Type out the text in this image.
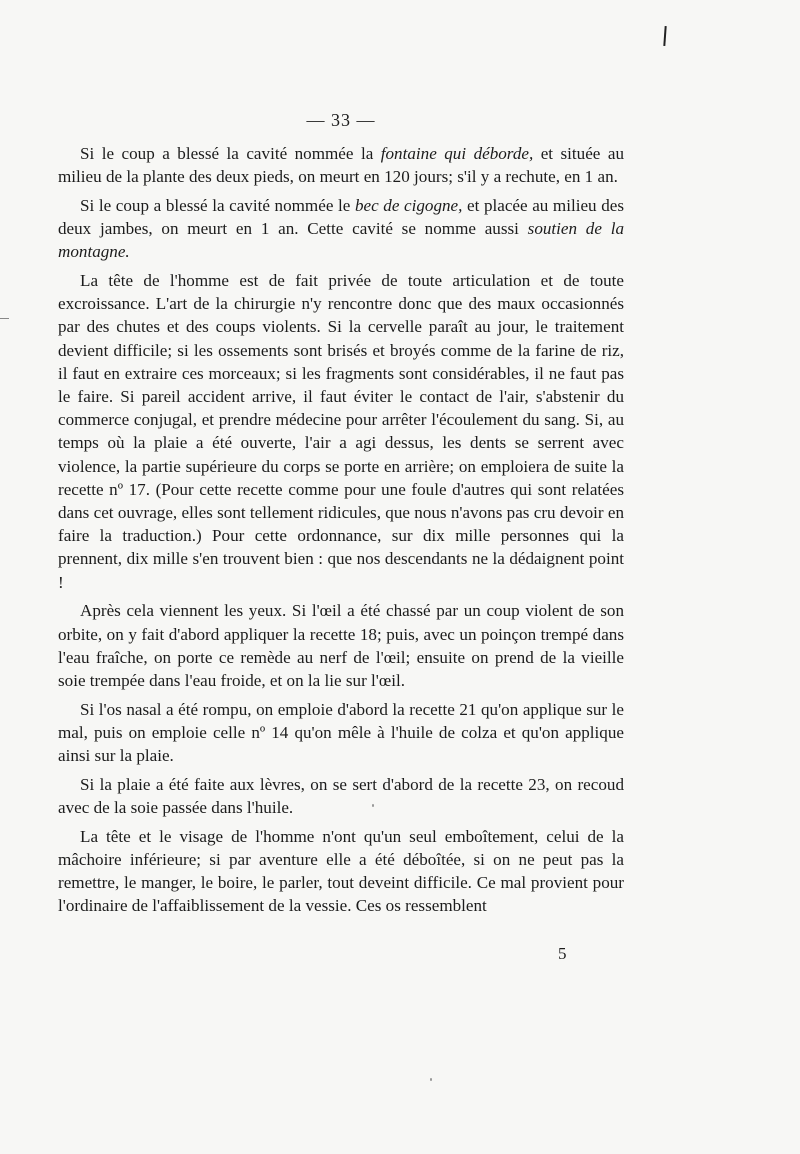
— 33 —

Si le coup a blessé la cavité nommée la fontaine qui déborde, et située au milieu de la plante des deux pieds, on meurt en 120 jours; s'il y a rechute, en 1 an.

Si le coup a blessé la cavité nommée le bec de cigogne, et placée au milieu des deux jambes, on meurt en 1 an. Cette cavité se nomme aussi soutien de la montagne.

La tête de l'homme est de fait privée de toute articulation et de toute excroissance. L'art de la chirurgie n'y rencontre donc que des maux occasionnés par des chutes et des coups violents. Si la cervelle paraît au jour, le traitement devient difficile; si les ossements sont brisés et broyés comme de la farine de riz, il faut en extraire ces morceaux; si les fragments sont considérables, il ne faut pas le faire. Si pareil accident arrive, il faut éviter le contact de l'air, s'abstenir du commerce conjugal, et prendre médecine pour arrêter l'écoulement du sang. Si, au temps où la plaie a été ouverte, l'air a agi dessus, les dents se serrent avec violence, la partie supérieure du corps se porte en arrière; on emploiera de suite la recette nº 17. (Pour cette recette comme pour une foule d'autres qui sont relatées dans cet ouvrage, elles sont tellement ridicules, que nous n'avons pas cru devoir en faire la traduction.) Pour cette ordonnance, sur dix mille personnes qui la prennent, dix mille s'en trouvent bien : que nos descendants ne la dédaignent point !

Après cela viennent les yeux. Si l'œil a été chassé par un coup violent de son orbite, on y fait d'abord appliquer la recette 18; puis, avec un poinçon trempé dans l'eau fraîche, on porte ce remède au nerf de l'œil; ensuite on prend de la vieille soie trempée dans l'eau froide, et on la lie sur l'œil.

Si l'os nasal a été rompu, on emploie d'abord la recette 21 qu'on applique sur le mal, puis on emploie celle nº 14 qu'on mêle à l'huile de colza et qu'on applique ainsi sur la plaie.

Si la plaie a été faite aux lèvres, on se sert d'abord de la recette 23, on recoud avec de la soie passée dans l'huile.

La tête et le visage de l'homme n'ont qu'un seul emboîtement, celui de la mâchoire inférieure; si par aventure elle a été déboîtée, si on ne peut pas la remettre, le manger, le boire, le parler, tout deveint difficile. Ce mal provient pour l'ordinaire de l'affaiblissement de la vessie. Ces os ressemblent

5
